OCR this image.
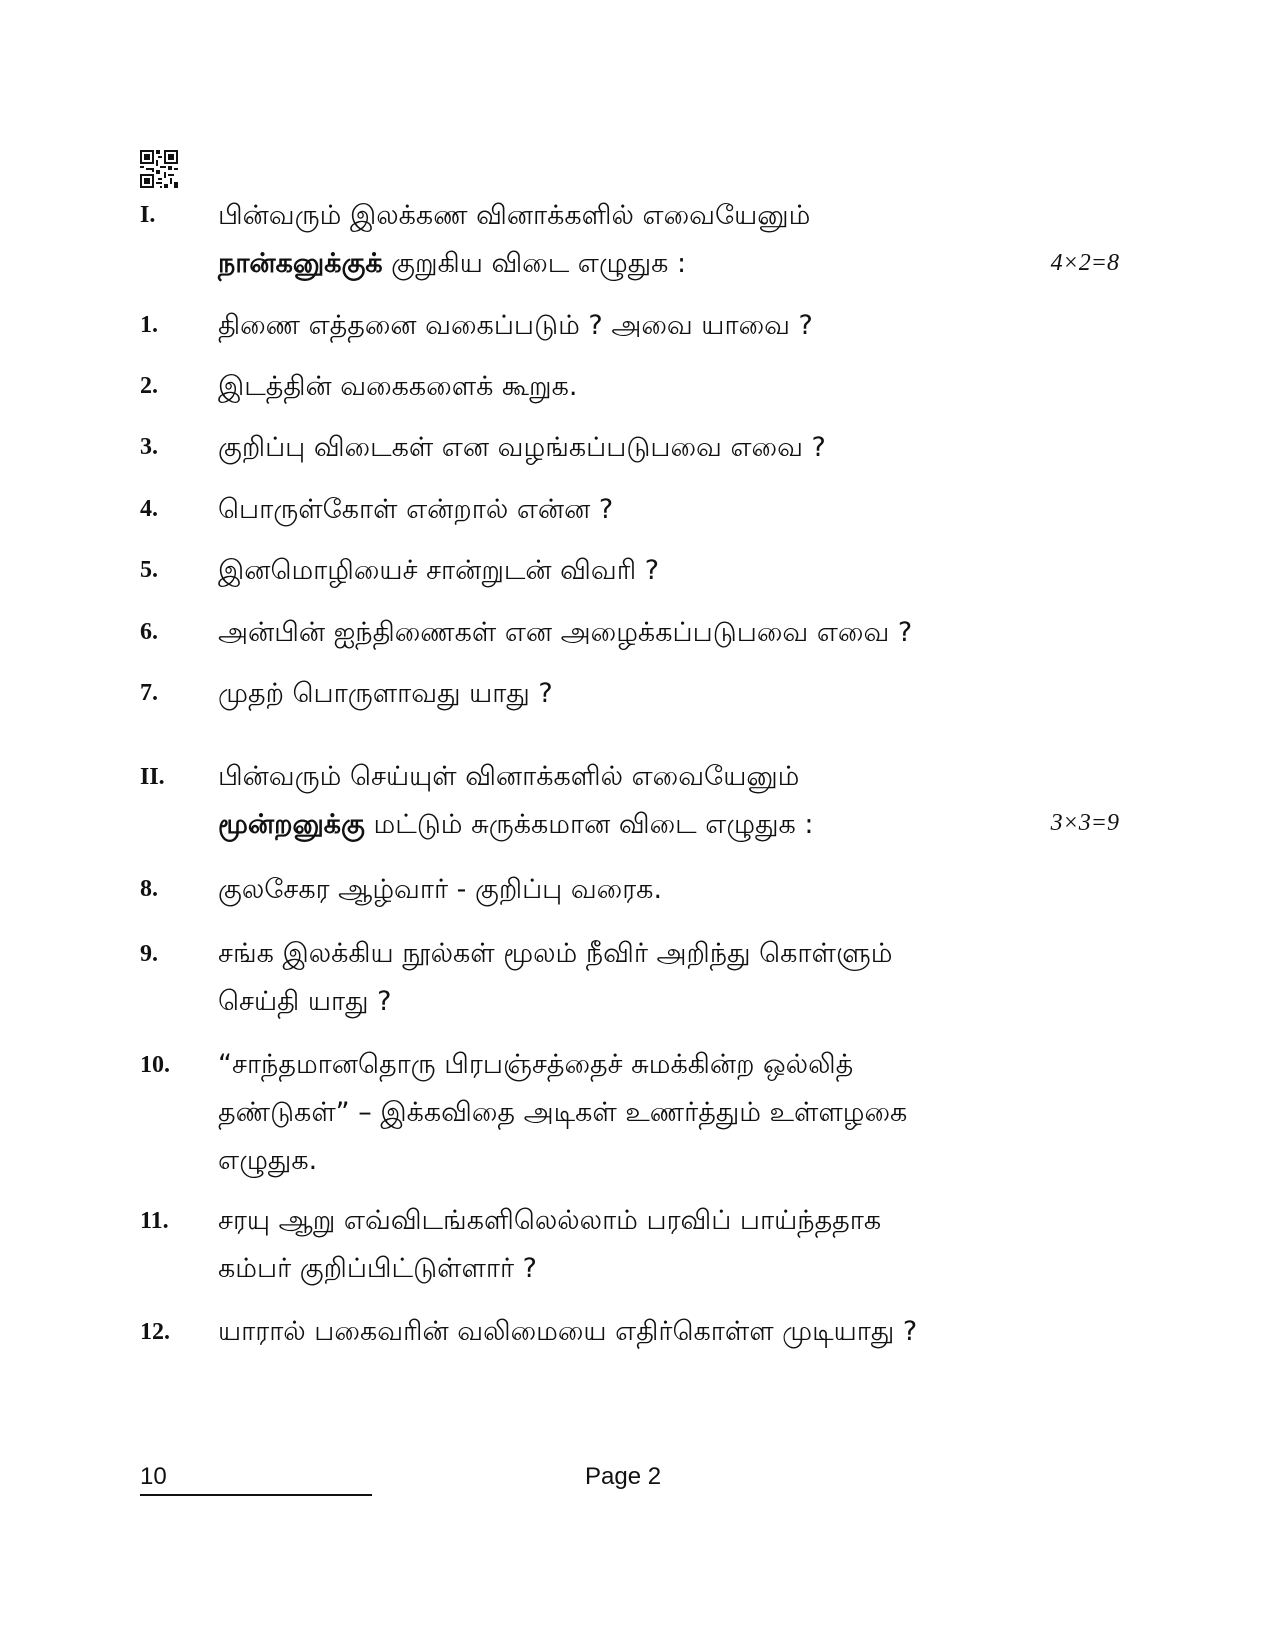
I. பின்வரும் இலக்கண வினாக்களில் எவையேனும்
நான்கனுக்குக் குறுகிய விடை எழுதுக :	4×2=8
1. திணை எத்தனை வகைப்படும் ? அவை யாவை ?
2. இடத்தின் வகைகளைக் கூறுக.
3. குறிப்பு விடைகள் என வழங்கப்படுபவை எவை ?
4. பொருள்கோள் என்றால் என்ன ?
5. இனமொழியைச் சான்றுடன் விவரி ?
6. அன்பின் ஐந்திணைகள் என அழைக்கப்படுபவை எவை ?
7. முதற் பொருளாவது யாது ?
II. பின்வரும் செய்யுள் வினாக்களில் எவையேனும்
மூன்றனுக்கு மட்டும் சுருக்கமான விடை எழுதுக :	3×3=9
8. குலசேகர ஆழ்வார் - குறிப்பு வரைக.
9. சங்க இலக்கிய நூல்கள் மூலம் நீவிர் அறிந்து கொள்ளும்
செய்தி யாது ?
10. “சாந்தமானதொரு பிரபஞ்சத்தைச் சுமக்கின்ற ஒல்லித்
தண்டுகள்” – இக்கவிதை அடிகள் உணர்த்தும் உள்ளழகை
எழுதுக.
11. சரயு ஆறு எவ்விடங்களிலெல்லாம் பரவிப் பாய்ந்ததாக
கம்பர் குறிப்பிட்டுள்ளார் ?
12. யாரால் பகைவரின் வலிமையை எதிர்கொள்ள முடியாது ?
10	Page 2
